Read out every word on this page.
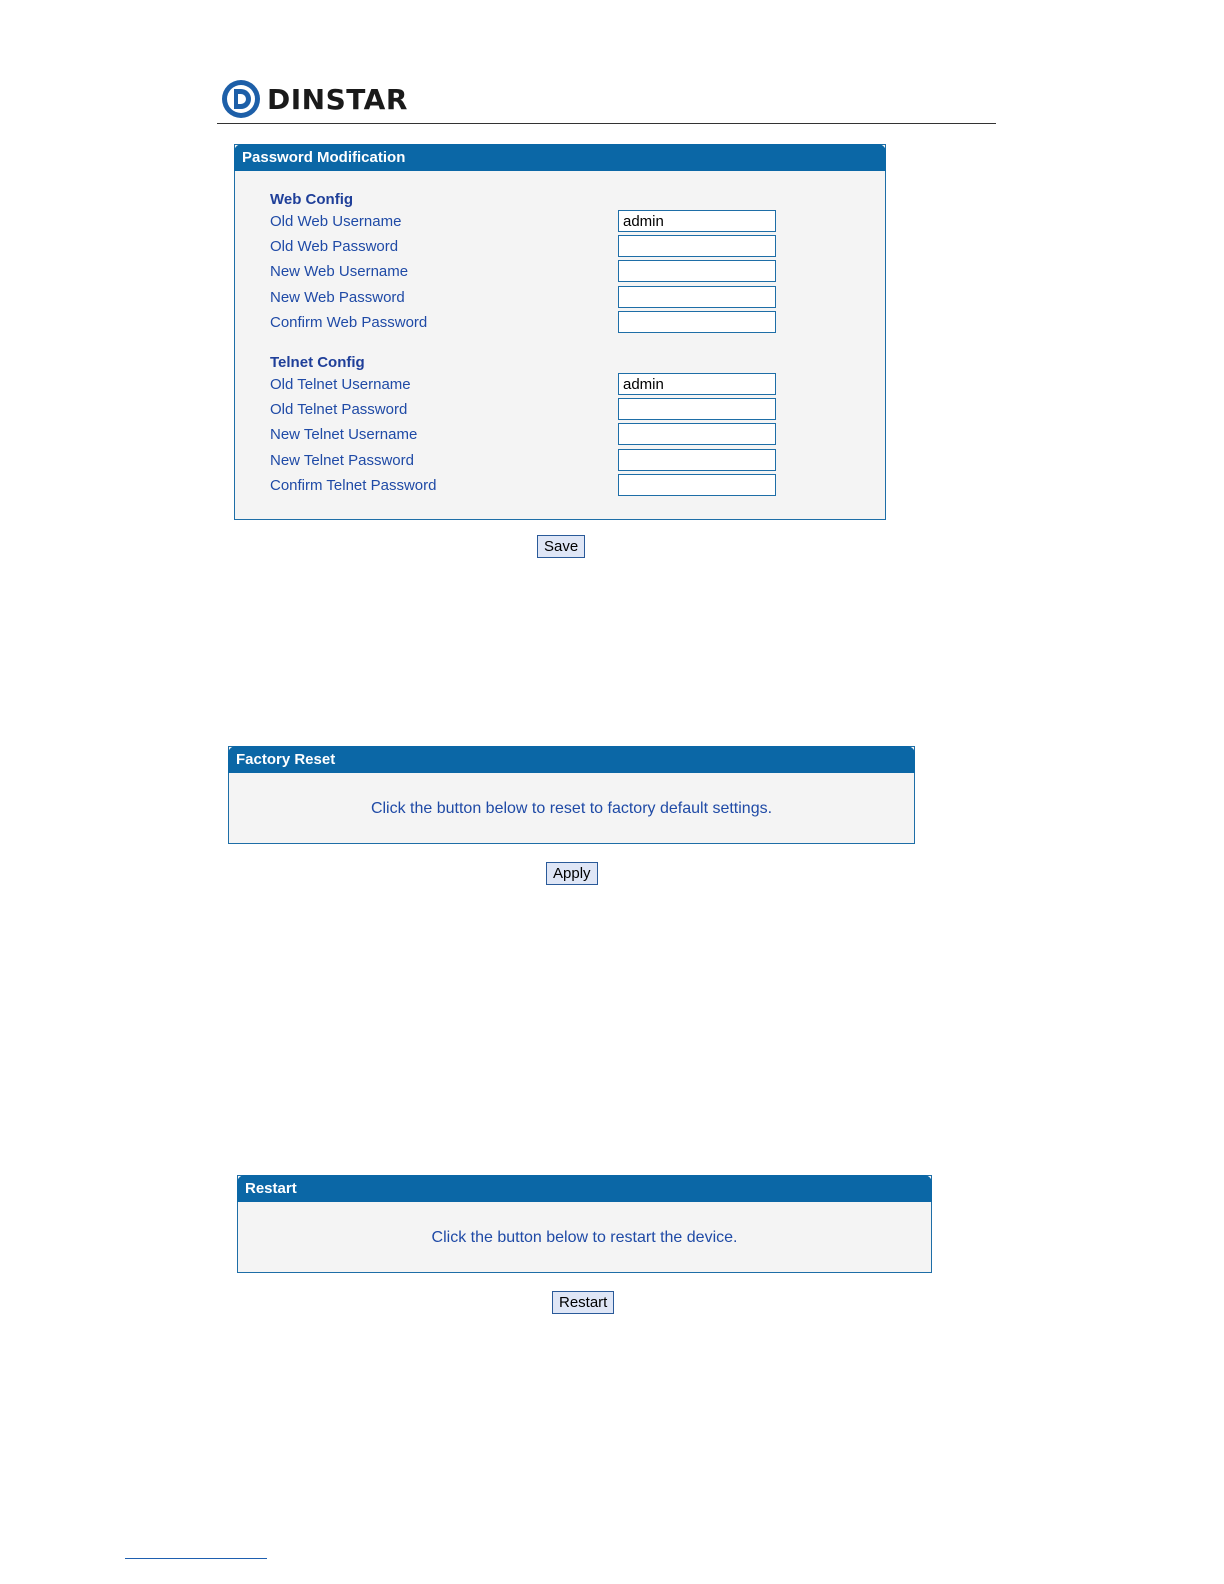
DINSTAR
Password Modification
Web Config
Old Web Username
admin
Old Web Password
New Web Username
New Web Password
Confirm Web Password
Telnet Config
Old Telnet Username
admin
Old Telnet Password
New Telnet Username
New Telnet Password
Confirm Telnet Password
Save
Factory Reset
Click the button below to reset to factory default settings.
Apply
Restart
Click the button below to restart the device.
Restart
